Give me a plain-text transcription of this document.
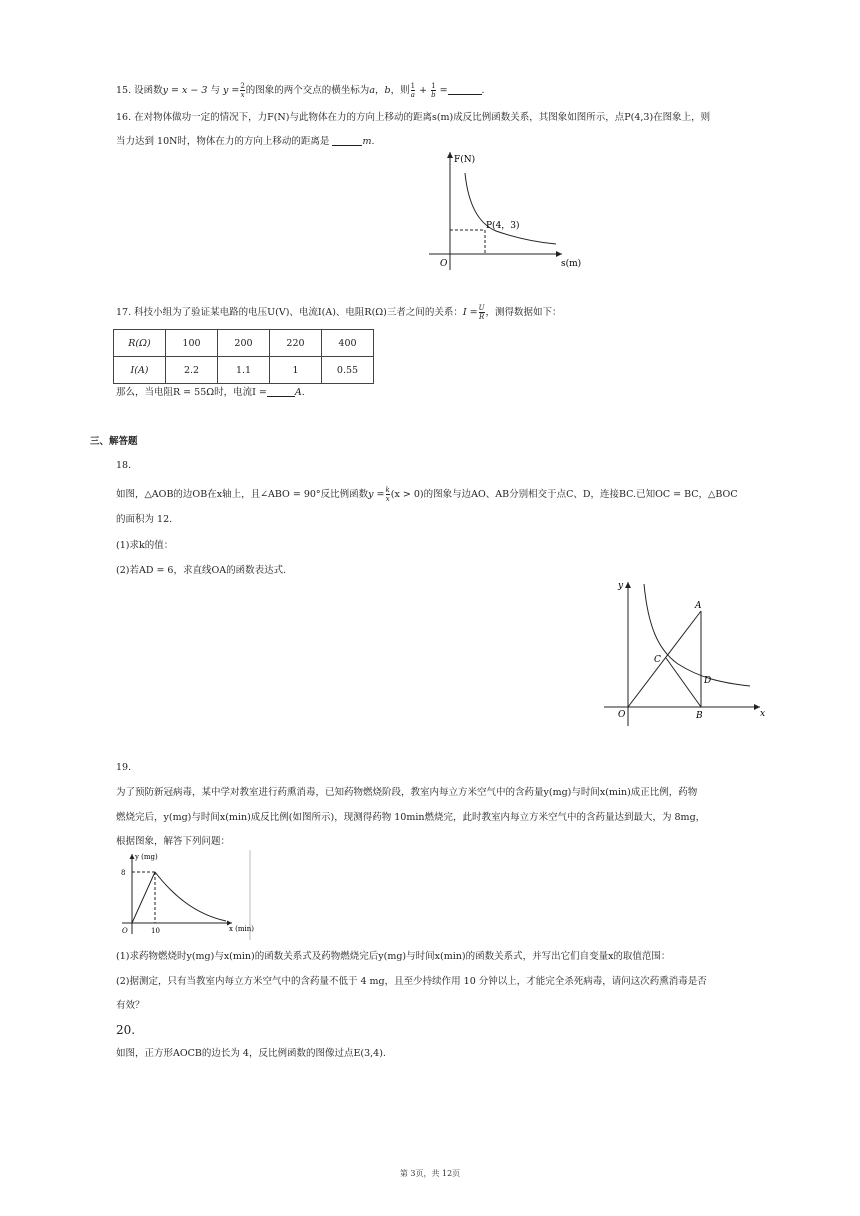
15. 设函数y = x − 3 与 $y = \frac{2}{x}$ 的图象的两个交点的横坐标为a，b，则 $\frac{1}{a} + \frac{1}{b}$ =	.
16. 在对物体做功一定的情况下，力F(N)与此物体在力的方向上移动的距离s(m)成反比例函数关系，其图象如图所示，点P(4,3)在图象上，则
当力达到 10N时，物体在力的方向上移动的距离是	m.
F(N)
s(m)
O
P(4，3)
17. 科技小组为了验证某电路的电压U(V)、电流I(A)、电阻R(Ω)三者之间的关系：$I = \frac{U}{R}$ ，测得数据如下：
R(Ω)	100	200	220	400
I(A)	2.2	1.1	1	0.55
那么，当电阻R = 55Ω时，电流I =	A.
三、解答题
18.
如图，△AOB的边OB在x轴上，且∠ABO = 90°反比例函数$y = \frac{k}{x} (x > 0)$的图象与边AO、AB分别相交于点C、D，连接BC.已知OC = BC，△BOC
的面积为 12.
(1)求k的值：
(2)若AD = 6，求直线OA的函数表达式.
y
x
O
A
B
C
D
19.
为了预防新冠病毒，某中学对教室进行药熏消毒，已知药物燃烧阶段，教室内每立方米空气中的含药量y(mg)与时间x(min)成正比例，药物
燃烧完后，y(mg)与时间x(min)成反比例(如图所示)，现测得药物 10min燃烧完，此时教室内每立方米空气中的含药量达到最大，为 8mg，
根据图象，解答下列问题：
y (mg)
x (min)
O
8
10
(1)求药物燃烧时y(mg)与x(min)的函数关系式及药物燃烧完后y(mg)与时间x(min)的函数关系式，并写出它们自变量x的取值范围：
(2)据测定，只有当教室内每立方米空气中的含药量不低于 4 mg，且至少持续作用 10 分钟以上，才能完全杀死病毒，请问这次药熏消毒是否
有效？
20.
如图，正方形AOCB的边长为 4，反比例函数的图像过点E(3,4).
第 3页，共 12页
